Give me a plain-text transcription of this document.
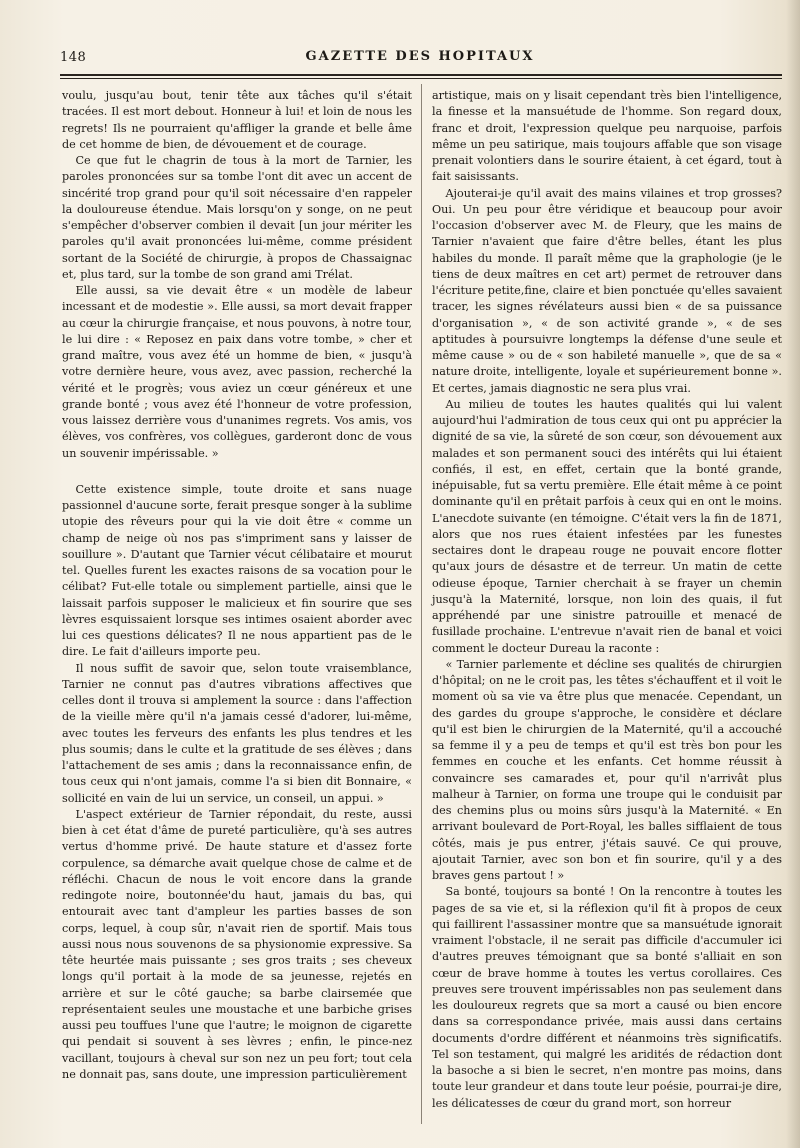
148	GAZETTE DES HOPITAUX

voulu, jusqu'au bout, tenir tête aux tâches qu'il s'était tracées. Il est mort debout. Honneur à lui! et loin de nous les regrets! Ils ne pourraient qu'affliger la grande et belle âme de cet homme de bien, de dévouement et de courage.

Ce que fut le chagrin de tous à la mort de Tarnier, les paroles prononcées sur sa tombe l'ont dit avec un accent de sincérité trop grand pour qu'il soit nécessaire d'en rappeler la douloureuse étendue. Mais lorsqu'on y songe, on ne peut s'empêcher d'observer combien il devait [un jour mériter les paroles qu'il avait prononcées lui-même, comme président sortant de la Société de chirurgie, à propos de Chassaignac et, plus tard, sur la tombe de son grand ami Trélat.

Elle aussi, sa vie devait être « un modèle de labeur incessant et de modestie ». Elle aussi, sa mort devait frapper au cœur la chirurgie française, et nous pouvons, à notre tour, le lui dire : « Reposez en paix dans votre tombe, » cher et grand maître, vous avez été un homme de bien, « jusqu'à votre dernière heure, vous avez, avec passion, recherché la vérité et le progrès; vous aviez un cœur généreux et une grande bonté ; vous avez été l'honneur de votre profession, vous laissez derrière vous d'unanimes regrets. Vos amis, vos élèves, vos confrères, vos collègues, garderont donc de vous un souvenir impérissable. »

Cette existence simple, toute droite et sans nuage passionnel d'aucune sorte, ferait presque songer à la sublime utopie des rêveurs pour qui la vie doit être « comme un champ de neige où nos pas s'impriment sans y laisser de souillure ». D'autant que Tarnier vécut célibataire et mourut tel. Quelles furent les exactes raisons de sa vocation pour le célibat? Fut-elle totale ou simplement partielle, ainsi que le laissait parfois supposer le malicieux et fin sourire que ses lèvres esquissaient lorsque ses intimes osaient aborder avec lui ces questions délicates? Il ne nous appartient pas de le dire. Le fait d'ailleurs importe peu.

Il nous suffit de savoir que, selon toute vraisemblance, Tarnier ne connut pas d'autres vibrations affectives que celles dont il trouva si amplement la source : dans l'affection de la vieille mère qu'il n'a jamais cessé d'adorer, lui-même, avec toutes les ferveurs des enfants les plus tendres et les plus soumis; dans le culte et la gratitude de ses élèves ; dans l'attachement de ses amis ; dans la reconnaissance enfin, de tous ceux qui n'ont jamais, comme l'a si bien dit Bonnaire, « sollicité en vain de lui un service, un conseil, un appui. »

L'aspect extérieur de Tarnier répondait, du reste, aussi bien à cet état d'âme de pureté particulière, qu'à ses autres vertus d'homme privé. De haute stature et d'assez forte corpulence, sa démarche avait quelque chose de calme et de réfléchi. Chacun de nous le voit encore dans la grande redingote noire, boutonnée'du haut, jamais du bas, qui entourait avec tant d'ampleur les parties basses de son corps, lequel, à coup sûr, n'avait rien de sportif. Mais tous aussi nous nous souvenons de sa physionomie expressive. Sa tête heurtée mais puissante ; ses gros traits ; ses cheveux longs qu'il portait à la mode de sa jeunesse, rejetés en arrière et sur le côté gauche; sa barbe clairsemée que représentaient seules une moustache et une barbiche grises aussi peu touffues l'une que l'autre; le moignon de cigarette qui pendait si souvent à ses lèvres ; enfin, le pince-nez vacillant, toujours à cheval sur son nez un peu fort; tout cela ne donnait pas, sans doute, une impression particulièrement

artistique, mais on y lisait cependant très bien l'intelligence, la finesse et la mansuétude de l'homme. Son regard doux, franc et droit, l'expression quelque peu narquoise, parfois même un peu satirique, mais toujours affable que son visage prenait volontiers dans le sourire étaient, à cet égard, tout à fait saisissants.

Ajouterai-je qu'il avait des mains vilaines et trop grosses? Oui. Un peu pour être véridique et beaucoup pour avoir l'occasion d'observer avec M. de Fleury, que les mains de Tarnier n'avaient que faire d'être belles, étant les plus habiles du monde. Il paraît même que la graphologie (je le tiens de deux maîtres en cet art) permet de retrouver dans l'écriture petite,fine, claire et bien ponctuée qu'elles savaient tracer, les signes révélateurs aussi bien « de sa puissance d'organisation », « de son activité grande », « de ses aptitudes à poursuivre longtemps la défense d'une seule et même cause » ou de « son habileté manuelle », que de sa « nature droite, intelligente, loyale et supérieurement bonne ». Et certes, jamais diagnostic ne sera plus vrai.

Au milieu de toutes les hautes qualités qui lui valent aujourd'hui l'admiration de tous ceux qui ont pu apprécier la dignité de sa vie, la sûreté de son cœur, son dévouement aux malades et son permanent souci des intérêts qui lui étaient confiés, il est, en effet, certain que la bonté grande, inépuisable, fut sa vertu première. Elle était même à ce point dominante qu'il en prêtait parfois à ceux qui en ont le moins. L'anecdote suivante (en témoigne. C'était vers la fin de 1871, alors que nos rues étaient infestées par les funestes sectaires dont le drapeau rouge ne pouvait encore flotter qu'aux jours de désastre et de terreur. Un matin de cette odieuse époque, Tarnier cherchait à se frayer un chemin jusqu'à la Maternité, lorsque, non loin des quais, il fut appréhendé par une sinistre patrouille et menacé de fusillade prochaine. L'entrevue n'avait rien de banal et voici comment le docteur Dureau la raconte :

« Tarnier parlemente et décline ses qualités de chirurgien d'hôpital; on ne le croit pas, les têtes s'échauffent et il voit le moment où sa vie va être plus que menacée. Cependant, un des gardes du groupe s'approche, le considère et déclare qu'il est bien le chirurgien de la Maternité, qu'il a accouché sa femme il y a peu de temps et qu'il est très bon pour les femmes en couche et les enfants. Cet homme réussit à convaincre ses camarades et, pour qu'il n'arrivât plus malheur à Tarnier, on forma une troupe qui le conduisit par des chemins plus ou moins sûrs jusqu'à la Maternité. « En arrivant boulevard de Port-Royal, les balles sifflaient de tous côtés, mais je pus entrer, j'étais sauvé. Ce qui prouve, ajoutait Tarnier, avec son bon et fin sourire, qu'il y a des braves gens partout ! »

Sa bonté, toujours sa bonté ! On la rencontre à toutes les pages de sa vie et, si la réflexion qu'il fit à propos de ceux qui faillirent l'assassiner montre que sa mansuétude ignorait vraiment l'obstacle, il ne serait pas difficile d'accumuler ici d'autres preuves témoignant que sa bonté s'alliait en son cœur de brave homme à toutes les vertus corollaires. Ces preuves sere trouvent impérissables non pas seulement dans les douloureux regrets que sa mort a causé ou bien encore dans sa correspondance privée, mais aussi dans certains documents d'ordre différent et néanmoins très significatifs. Tel son testament, qui malgré les aridités de rédaction dont la basoche a si bien le secret, n'en montre pas moins, dans toute leur grandeur et dans toute leur poésie, pourrai-je dire, les délicatesses de cœur du grand mort, son horreur
